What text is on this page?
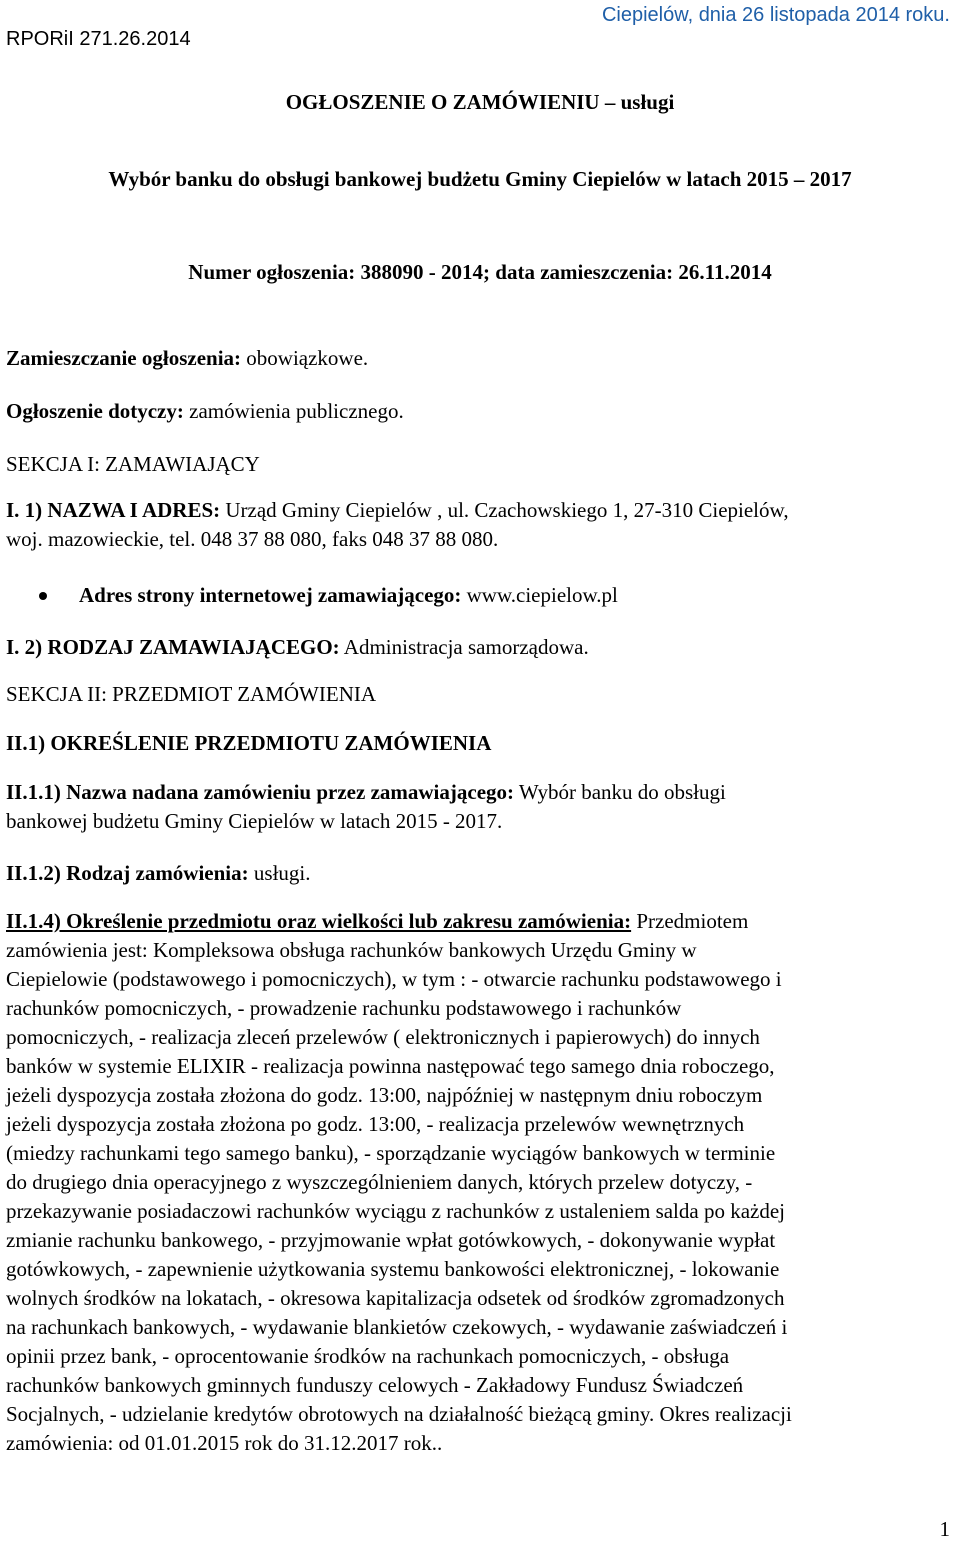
RPORiI 271.26.2014
Ciepielów, dnia 26 listopada 2014 roku.
OGŁOSZENIE O ZAMÓWIENIU – usługi
Wybór banku do obsługi bankowej budżetu Gminy Ciepielów w latach 2015 – 2017
Numer ogłoszenia: 388090 - 2014; data zamieszczenia: 26.11.2014
Zamieszczanie ogłoszenia: obowiązkowe.
Ogłoszenie dotyczy: zamówienia publicznego.
SEKCJA I: ZAMAWIAJĄCY
I. 1) NAZWA I ADRES: Urząd Gminy Ciepielów , ul. Czachowskiego 1, 27-310 Ciepielów,
woj. mazowieckie, tel. 048 37 88 080, faks 048 37 88 080.
Adres strony internetowej zamawiającego: www.ciepielow.pl
I. 2) RODZAJ ZAMAWIAJĄCEGO: Administracja samorządowa.
SEKCJA II: PRZEDMIOT ZAMÓWIENIA
II.1) OKREŚLENIE PRZEDMIOTU ZAMÓWIENIA
II.1.1) Nazwa nadana zamówieniu przez zamawiającego: Wybór banku do obsługi
bankowej budżetu Gminy Ciepielów w latach 2015 - 2017.
II.1.2) Rodzaj zamówienia: usługi.
II.1.4) Określenie przedmiotu oraz wielkości lub zakresu zamówienia: Przedmiotem
zamówienia jest: Kompleksowa obsługa rachunków bankowych Urzędu Gminy w
Ciepielowie (podstawowego i pomocniczych), w tym : - otwarcie rachunku podstawowego i
rachunków pomocniczych, - prowadzenie rachunku podstawowego i rachunków
pomocniczych, - realizacja zleceń przelewów ( elektronicznych i papierowych) do innych
banków w systemie ELIXIR - realizacja powinna następować tego samego dnia roboczego,
jeżeli dyspozycja została złożona do godz. 13:00, najpóźniej w następnym dniu roboczym
jeżeli dyspozycja została złożona po godz. 13:00, - realizacja przelewów wewnętrznych
(miedzy rachunkami tego samego banku), - sporządzanie wyciągów bankowych w terminie
do drugiego dnia operacyjnego z wyszczególnieniem danych, których przelew dotyczy, -
przekazywanie posiadaczowi rachunków wyciągu z rachunków z ustaleniem salda po każdej
zmianie rachunku bankowego, - przyjmowanie wpłat gotówkowych, - dokonywanie wypłat
gotówkowych, - zapewnienie użytkowania systemu bankowości elektronicznej, - lokowanie
wolnych środków na lokatach, - okresowa kapitalizacja odsetek od środków zgromadzonych
na rachunkach bankowych, - wydawanie blankietów czekowych, - wydawanie zaświadczeń i
opinii przez bank, - oprocentowanie środków na rachunkach pomocniczych, - obsługa
rachunków bankowych gminnych funduszy celowych - Zakładowy Fundusz Świadczeń
Socjalnych, - udzielanie kredytów obrotowych na działalność bieżącą gminy. Okres realizacji
zamówienia: od 01.01.2015 rok do 31.12.2017 rok..
1
